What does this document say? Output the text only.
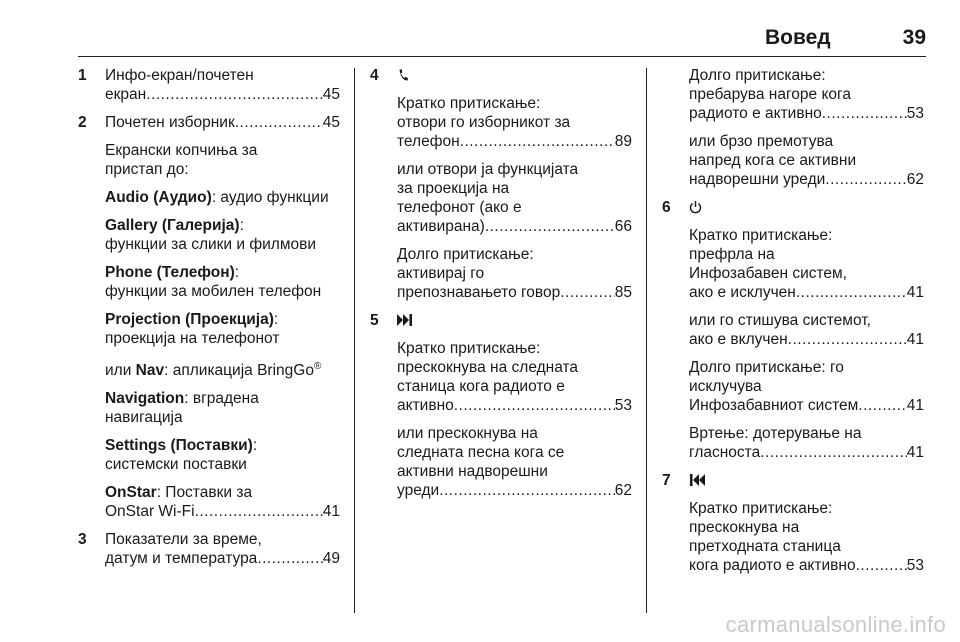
Вовед	39
1 Инфо-екран/почетен
екран .....	45
2 Почетен изборник .....	45
Екрански копчиња за
пристап до:
Audio (Аудио): аудио функции
Gallery (Галерија):
функции за слики и филмови
Phone (Телефон):
функции за мобилен телефон
Projection (Проекција):
проекција на телефонот
или Nav: апликација BringGo®
Navigation: вградена
навигација
Settings (Поставки):
системски поставки
OnStar: Поставки за
OnStar Wi-Fi .....	41
3 Показатели за време,
датум и температура .....	49
4
Кратко притискање:
отвори го изборникот за
телефон .....	89
или отвори ја функцијата
за проекција на
телефонот (ако е
активирана) .....	66
Долго притискање:
активирај го
препознавањето говор .....	85
5
Кратко притискање:
прескокнува на следната
станица кога радиото е
активно .....	53
или прескокнува на
следната песна кога се
активни надворешни
уреди .....	62
Долго притискање:
пребарува нагоре кога
радиото е активно .....	53
или брзо премотува
напред кога се активни
надворешни уреди .....	62
6
Кратко притискање:
префрла на
Инфозабавен систем,
ако е исклучен .....	41
или го стишува системот,
ако е вклучен .....	41
Долго притискање: го
исклучува
Инфозабавниот систем .....	41
Вртење: дотерување на
гласноста .....	41
7
Кратко притискање:
прескокнува на
претходната станица
кога радиото е активно .....	53
carmanualsonline.info
